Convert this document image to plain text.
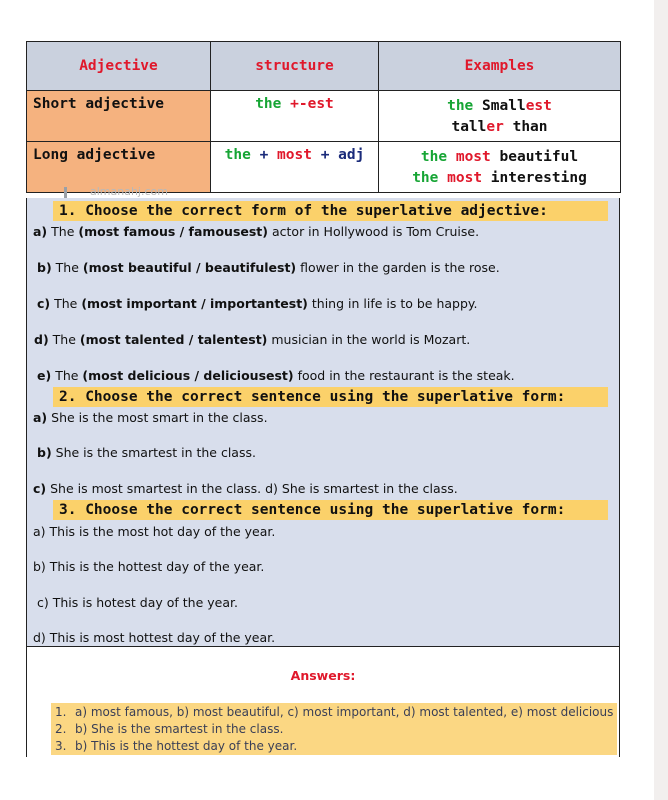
Adjective	structure	Examples
Short adjective	the +-est	the Smallest
taller than

Long adjective	the + most + adj	the most beautiful
the most interesting
almanahj.com
1. Choose the correct form of the superlative adjective:
a) The (most famous / famousest) actor in Hollywood is Tom Cruise.
b) The (most beautiful / beautifulest) flower in the garden is the rose.
c) The (most important / importantest) thing in life is to be happy.
d) The (most talented / talentest) musician in the world is Mozart.
e) The (most delicious / deliciousest) food in the restaurant is the steak.
2. Choose the correct sentence using the superlative form:
a) She is the most smart in the class.
b) She is the smartest in the class.
c) She is most smartest in the class. d) She is smartest in the class.
3. Choose the correct sentence using the superlative form:
a) This is the most hot day of the year.
b) This is the hottest day of the year.
c) This is hotest day of the year.
d) This is most hottest day of the year.
Answers:
1. a) most famous, b) most beautiful, c) most important, d) most talented, e) most delicious
2. b) She is the smartest in the class.
3. b) This is the hottest day of the year.
